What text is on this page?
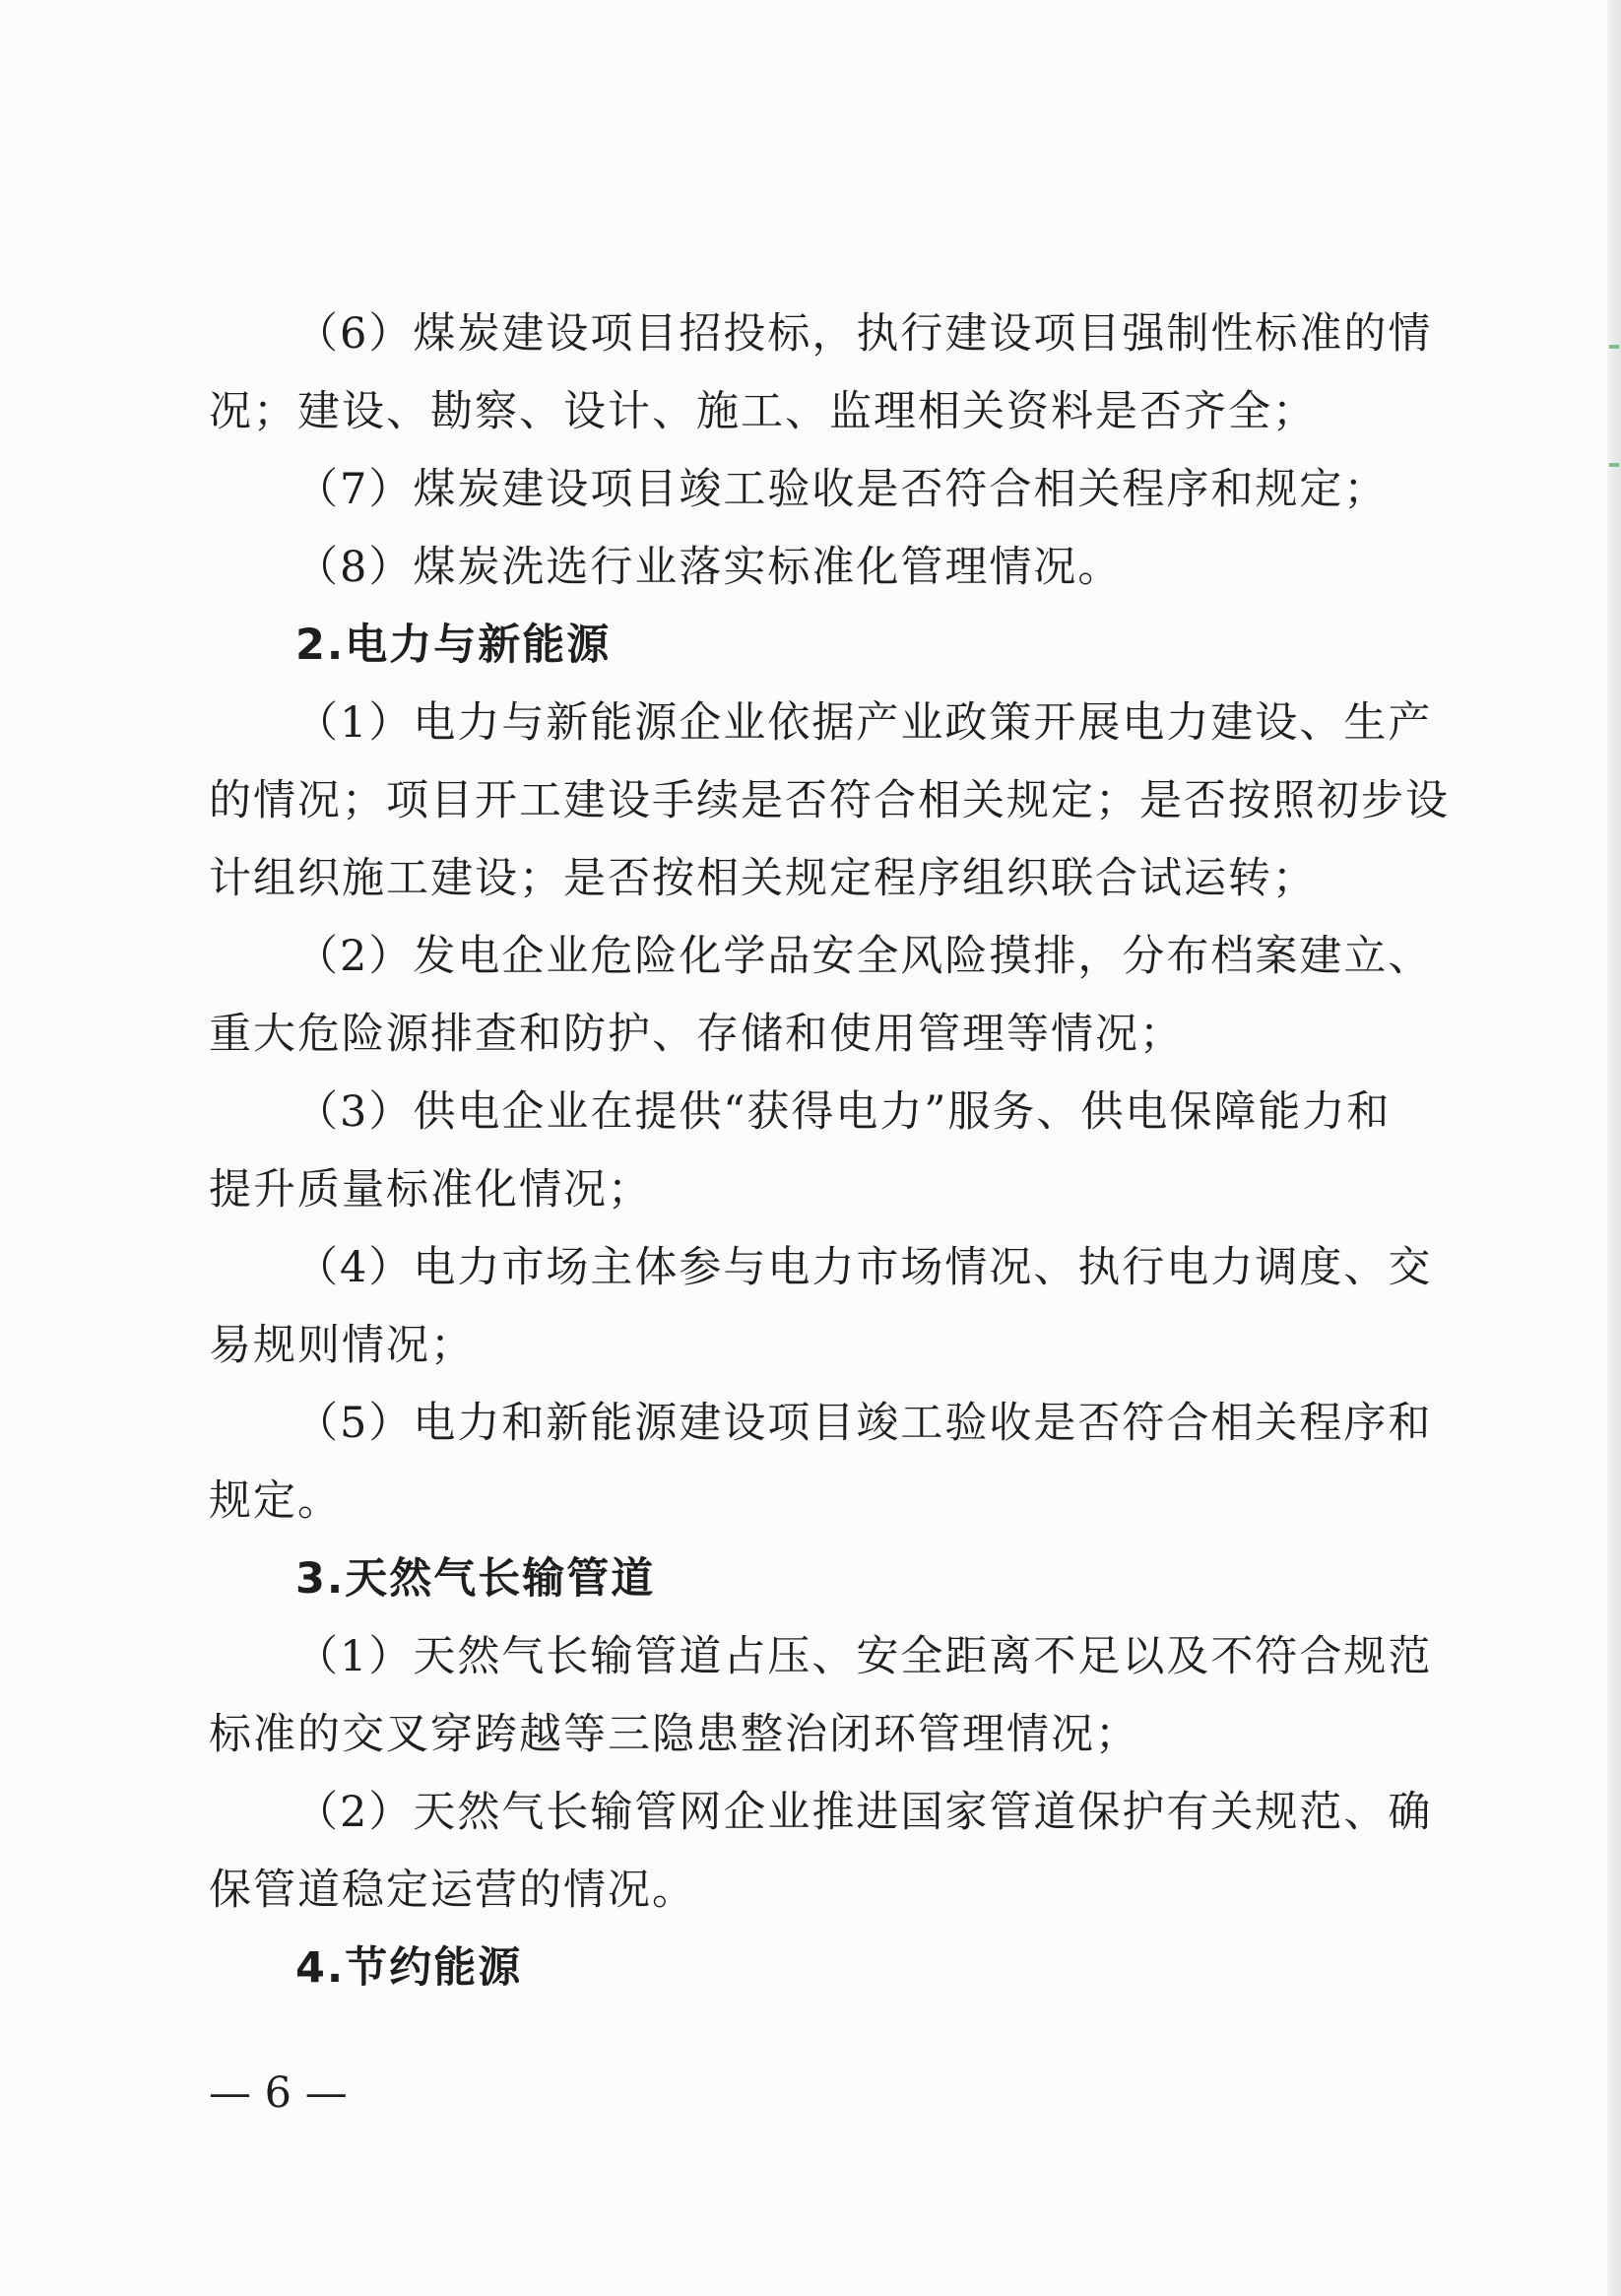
（6）煤炭建设项目招投标，执行建设项目强制性标准的情
况；建设、勘察、设计、施工、监理相关资料是否齐全；
（7）煤炭建设项目竣工验收是否符合相关程序和规定；
（8）煤炭洗选行业落实标准化管理情况。
2.电力与新能源
（1）电力与新能源企业依据产业政策开展电力建设、生产
的情况；项目开工建设手续是否符合相关规定；是否按照初步设
计组织施工建设；是否按相关规定程序组织联合试运转；
（2）发电企业危险化学品安全风险摸排，分布档案建立、
重大危险源排查和防护、存储和使用管理等情况；
（3）供电企业在提供“获得电力”服务、供电保障能力和
提升质量标准化情况；
（4）电力市场主体参与电力市场情况、执行电力调度、交
易规则情况；
（5）电力和新能源建设项目竣工验收是否符合相关程序和
规定。
3.天然气长输管道
（1）天然气长输管道占压、安全距离不足以及不符合规范
标准的交叉穿跨越等三隐患整治闭环管理情况；
（2）天然气长输管网企业推进国家管道保护有关规范、确
保管道稳定运营的情况。
4.节约能源
— 6 —
